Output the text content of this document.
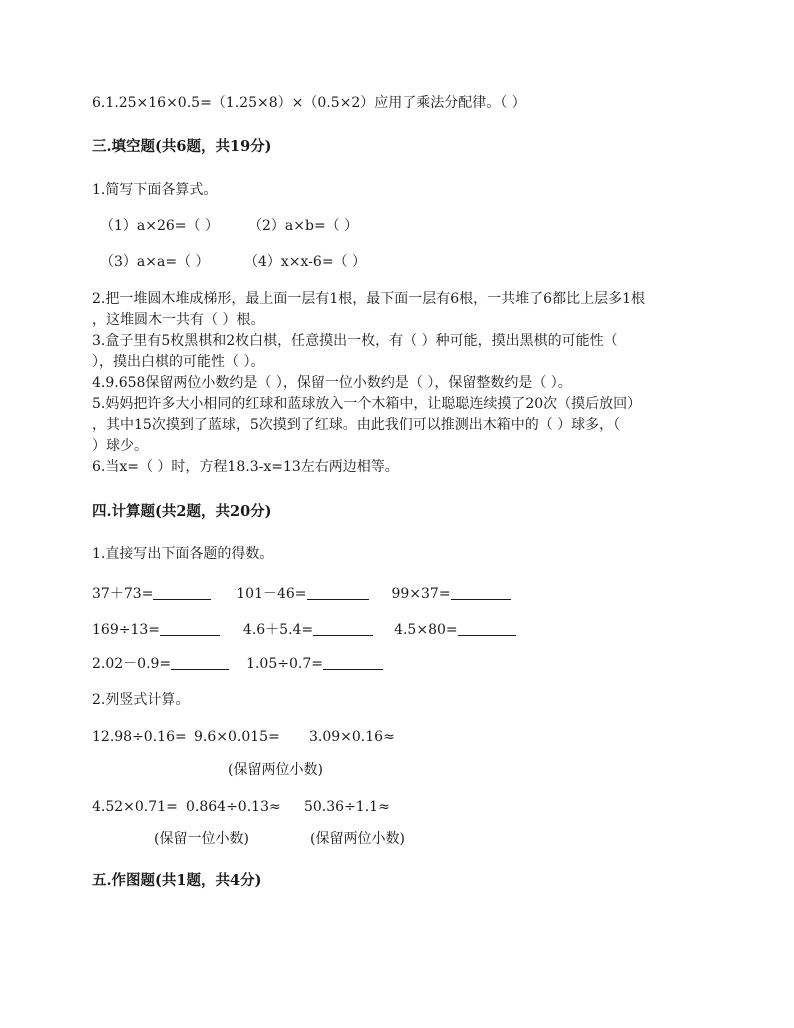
6.1.25×16×0.5=（1.25×8）×（0.5×2）应用了乘法分配律。（ ）
三.填空题(共6题，共19分)
1.简写下面各算式。
（1）a×26=（ ） （2）a×b=（ ）
（3）a×a=（ ） （4）x×x-6=（ ）
2.把一堆圆木堆成梯形，最上面一层有1根，最下面一层有6根，一共堆了6都比上层多1根
，这堆圆木一共有（ ）根。
3.盒子里有5枚黑棋和2枚白棋，任意摸出一枚，有（ ）种可能，摸出黑棋的可能性（
），摸出白棋的可能性（ ）。
4.9.658保留两位小数约是（ ），保留一位小数约是（ ），保留整数约是（ ）。
5.妈妈把许多大小相同的红球和蓝球放入一个木箱中，让聪聪连续摸了20次（摸后放回）
，其中15次摸到了蓝球，5次摸到了红球。由此我们可以推测出木箱中的（ ）球多，（
）球少。
6.当x=（ ）时，方程18.3-x=13左右两边相等。
四.计算题(共2题，共20分)
1.直接写出下面各题的得数。
37＋73=	101－46=	99×37=
169÷13=	4.6＋5.4=	4.5×80=
2.02－0.9=	1.05÷0.7=
2.列竖式计算。
12.98÷0.16= 9.6×0.015= 3.09×0.16≈
(保留两位小数)
4.52×0.71= 0.864÷0.13≈ 50.36÷1.1≈
(保留一位小数)	(保留两位小数)
五.作图题(共1题，共4分)
